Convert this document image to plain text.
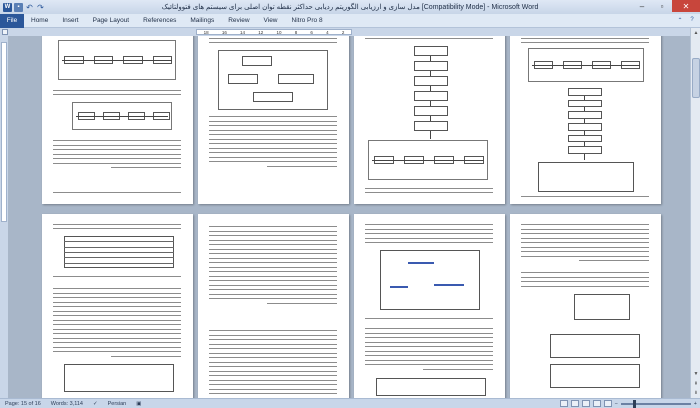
W	▪ ↶ ↷	مدل سازی و ارزیابی الگوریتم ردیابی حداکثر نقطه توان اصلی برای سیستم های فتوولتائیک [Compatibility Mode] - Microsoft Word	–	▫	✕
File	Home	Insert	Page Layout	References	Mailings	Review	View	Nitro Pro 8	⌃	?
18	16	14	12	10	8	6	4	2	▲
▼
⇞
⇟
Page: 15 of 16	Words: 3,114	✓	Persian	▣	−	+
